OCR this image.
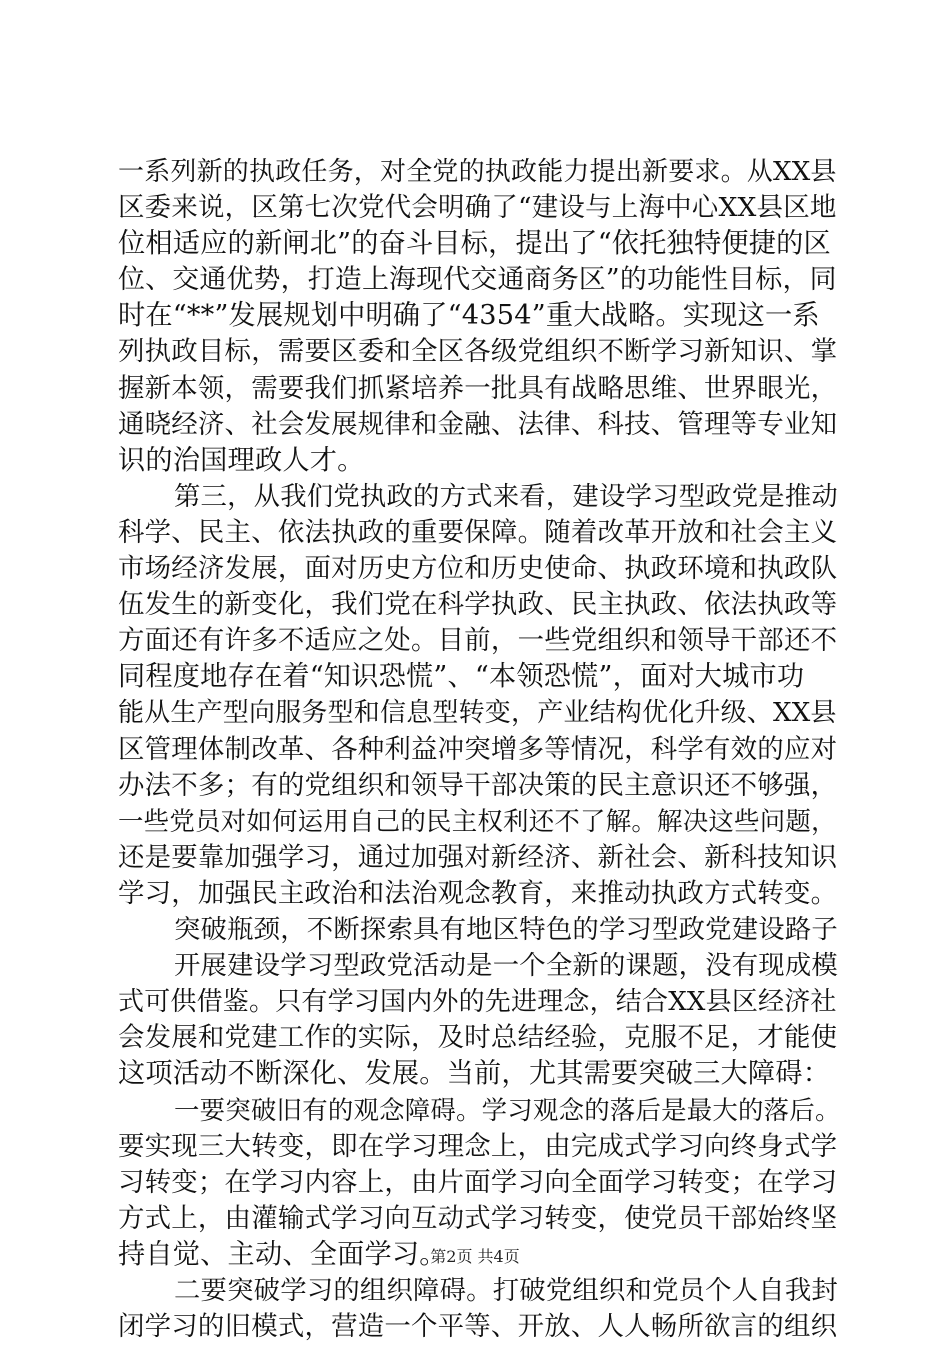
一系列新的执政任务，对全党的执政能力提出新要求。从XX县
区委来说，区第七次党代会明确了“建设与上海中心XX县区地
位相适应的新闸北”的奋斗目标，提出了“依托独特便捷的区
位、交通优势，打造上海现代交通商务区”的功能性目标，同
时在“**”发展规划中明确了“4354”重大战略。实现这一系
列执政目标，需要区委和全区各级党组织不断学习新知识、掌
握新本领，需要我们抓紧培养一批具有战略思维、世界眼光，
通晓经济、社会发展规律和金融、法律、科技、管理等专业知
识的治国理政人才。
第三，从我们党执政的方式来看，建设学习型政党是推动
科学、民主、依法执政的重要保障。随着改革开放和社会主义
市场经济发展，面对历史方位和历史使命、执政环境和执政队
伍发生的新变化，我们党在科学执政、民主执政、依法执政等
方面还有许多不适应之处。目前，一些党组织和领导干部还不
同程度地存在着“知识恐慌”、“本领恐慌”，面对大城市功
能从生产型向服务型和信息型转变，产业结构优化升级、XX县
区管理体制改革、各种利益冲突增多等情况，科学有效的应对
办法不多；有的党组织和领导干部决策的民主意识还不够强，
一些党员对如何运用自己的民主权利还不了解。解决这些问题，
还是要靠加强学习，通过加强对新经济、新社会、新科技知识
学习，加强民主政治和法治观念教育，来推动执政方式转变。
突破瓶颈，不断探索具有地区特色的学习型政党建设路子
开展建设学习型政党活动是一个全新的课题，没有现成模
式可供借鉴。只有学习国内外的先进理念，结合XX县区经济社
会发展和党建工作的实际，及时总结经验，克服不足，才能使
这项活动不断深化、发展。当前，尤其需要突破三大障碍：
一要突破旧有的观念障碍。学习观念的落后是最大的落后。
要实现三大转变，即在学习理念上，由完成式学习向终身式学
习转变；在学习内容上，由片面学习向全面学习转变；在学习
方式上，由灌输式学习向互动式学习转变，使党员干部始终坚
持自觉、主动、全面学习。
二要突破学习的组织障碍。打破党组织和党员个人自我封
闭学习的旧模式，营造一个平等、开放、人人畅所欲言的组织
第2页 共4页
